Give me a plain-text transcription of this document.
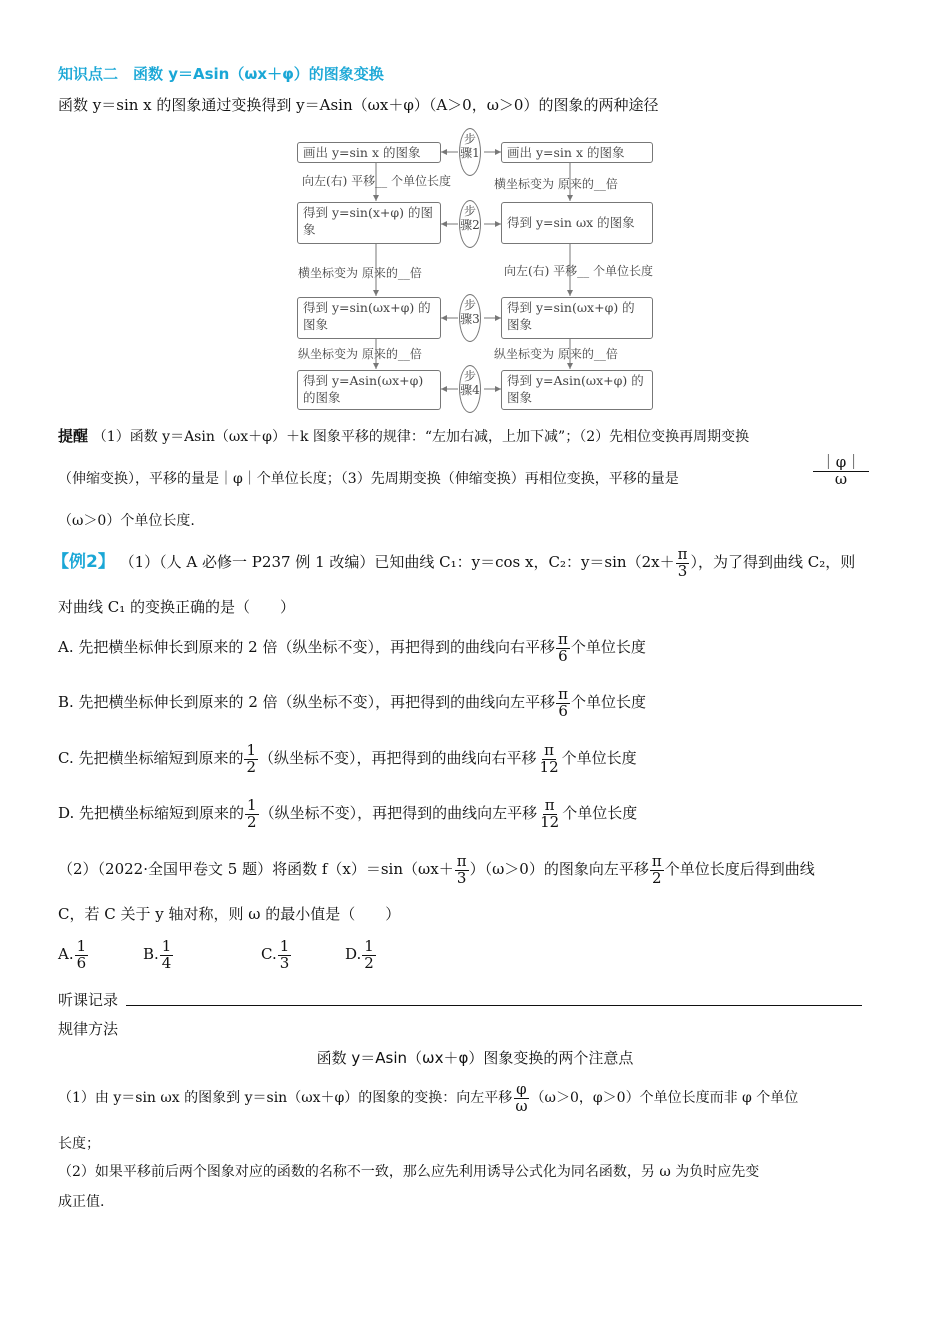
知识点二　函数 y＝Asin（ωx＋φ）的图象变换
函数 y＝sin x 的图象通过变换得到 y＝Asin（ωx＋φ）（A＞0，ω＞0）的图象的两种途径
画出 y=sin x 的图象
得到 y=sin(x+φ) 的图象
得到 y=sin(ωx+φ) 的图象
得到 y=Asin(ωx+φ) 的图象
画出 y=sin x 的图象
得到 y=sin ωx 的图象
得到 y=sin(ωx+φ) 的图象
得到 y=Asin(ωx+φ) 的图象
步骤1
步骤2
步骤3
步骤4
向左(右) 平移__ 个单位长度
横坐标变为 原来的__倍
纵坐标变为 原来的__倍
横坐标变为 原来的__倍
向左(右) 平移__ 个单位长度
纵坐标变为 原来的__倍
提醒 （1）函数 y＝Asin（ωx＋φ）＋k 图象平移的规律：“左加右减，上加下减”；（2）先相位变换再周期变换
（伸缩变换），平移的量是｜φ｜个单位长度；（3）先周期变换（伸缩变换）再相位变换，平移的量是	$\frac{|\varphi|}{\omega}$
（ω＞0）个单位长度.
【例2】 （1）（人 A 必修一 P237 例 1 改编）已知曲线 C₁：y＝cos x，C₂：$y=\sin(2x+ \frac{\pi}{3}$ ），为了得到曲线 C₂，则
对曲线 C₁ 的变换正确的是（　　）
A. 先把横坐标伸长到原来的 2 倍（纵坐标不变），再把得到的曲线向右平移 $\frac{\pi}{6}$ 个单位长度
B. 先把横坐标伸长到原来的 2 倍（纵坐标不变），再把得到的曲线向左平移 $\frac{\pi}{6}$ 个单位长度
C. 先把横坐标缩短到原来的 $\frac{1}{2}$ （纵坐标不变），再把得到的曲线向右平移 $\frac{\pi}{12}$ 个单位长度
D. 先把横坐标缩短到原来的 $\frac{1}{2}$ （纵坐标不变），再把得到的曲线向左平移 $\frac{\pi}{12}$ 个单位长度
（2）（2022·全国甲卷文 5 题）将函数 $f(x)=\sin(\omega x+ \frac{\pi}{3} )(\omega>0)$的图象向左平移 $\frac{\pi}{2}$ 个单位长度后得到曲线
C，若 C 关于 y 轴对称，则 ω 的最小值是（　　）
A. $\frac{1}{6}$	B. $\frac{1}{4}$	C. $\frac{1}{3}$	D. $\frac{1}{2}$
听课记录
规律方法
函数 y＝Asin（ωx＋φ）图象变换的两个注意点
（1）由 y＝sin ωx 的图象到 y＝sin（ωx＋φ）的图象的变换：向左平移 $\frac{\varphi}{\omega} (\omega>0$，φ＞0）个单位长度而非 φ 个单位
长度；
（2）如果平移前后两个图象对应的函数的名称不一致，那么应先利用诱导公式化为同名函数，另 ω 为负时应先变
成正值.
